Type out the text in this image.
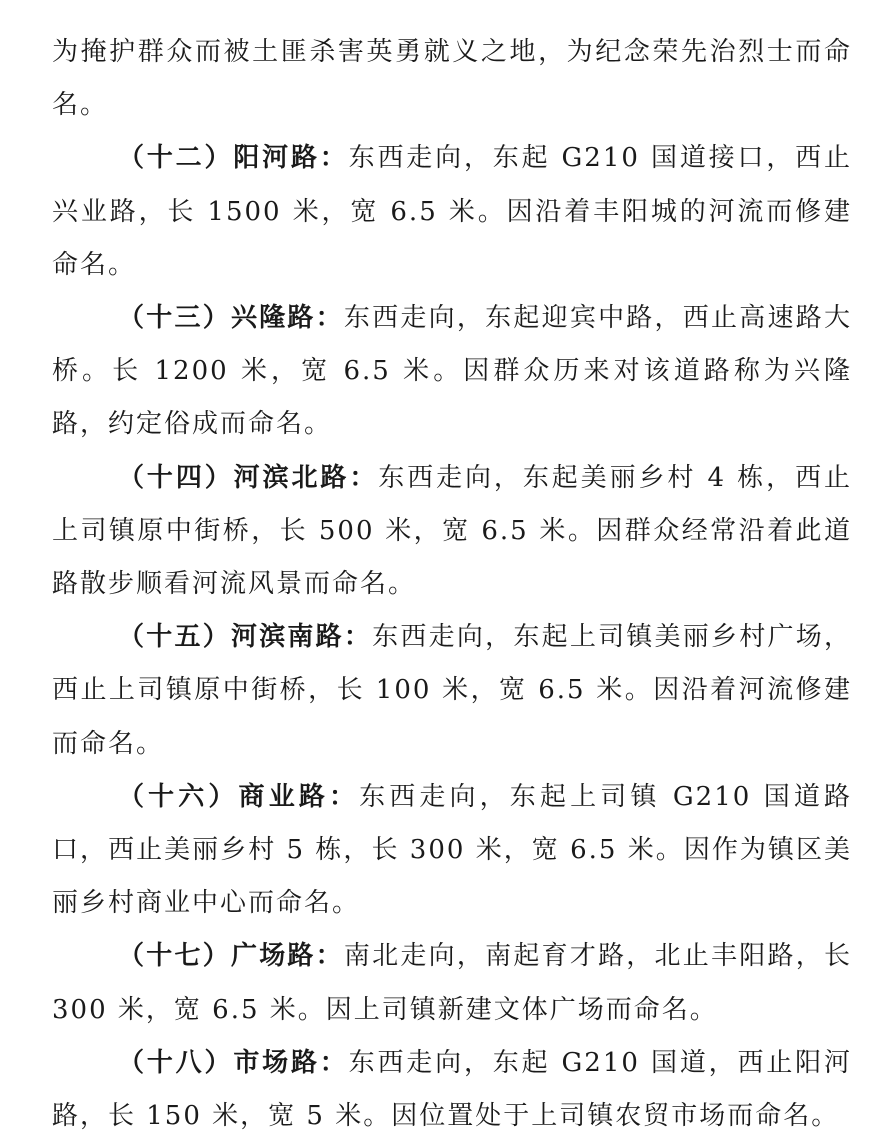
为掩护群众而被土匪杀害英勇就义之地，为纪念荣先治烈士而命名。

（十二）阳河路：东西走向，东起 G210 国道接口，西止兴业路，长 1500 米，宽 6.5 米。因沿着丰阳城的河流而修建命名。

（十三）兴隆路：东西走向，东起迎宾中路，西止高速路大桥。长 1200 米，宽 6.5 米。因群众历来对该道路称为兴隆路，约定俗成而命名。

（十四）河滨北路：东西走向，东起美丽乡村 4 栋，西止上司镇原中街桥，长 500 米，宽 6.5 米。因群众经常沿着此道路散步顺看河流风景而命名。

（十五）河滨南路：东西走向，东起上司镇美丽乡村广场，西止上司镇原中街桥，长 100 米，宽 6.5 米。因沿着河流修建而命名。

（十六）商业路：东西走向，东起上司镇 G210 国道路口，西止美丽乡村 5 栋，长 300 米，宽 6.5 米。因作为镇区美丽乡村商业中心而命名。

（十七）广场路：南北走向，南起育才路，北止丰阳路，长 300 米，宽 6.5 米。因上司镇新建文体广场而命名。

（十八）市场路：东西走向，东起 G210 国道，西止阳河路，长 150 米，宽 5 米。因位置处于上司镇农贸市场而命名。
